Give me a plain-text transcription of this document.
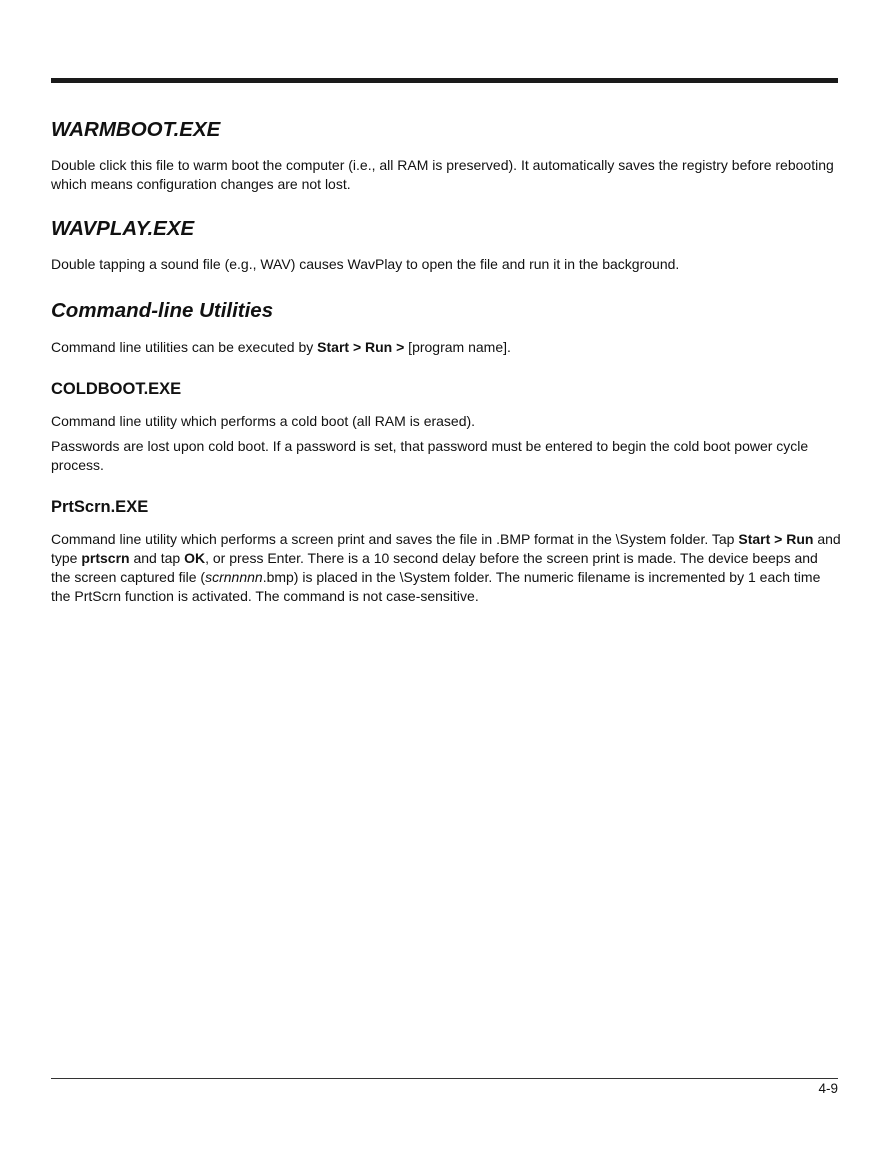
WARMBOOT.EXE

Double click this file to warm boot the computer (i.e., all RAM is preserved). It automatically saves the registry before rebooting which means configuration changes are not lost.

WAVPLAY.EXE

Double tapping a sound file (e.g., WAV) causes WavPlay to open the file and run it in the background.

Command-line Utilities

Command line utilities can be executed by Start > Run > [program name].

COLDBOOT.EXE

Command line utility which performs a cold boot (all RAM is erased).

Passwords are lost upon cold boot. If a password is set, that password must be entered to begin the cold boot power cycle process.

PrtScrn.EXE

Command line utility which performs a screen print and saves the file in .BMP format in the \System folder. Tap Start > Run and type prtscrn and tap OK, or press Enter. There is a 10 second delay before the screen print is made. The device beeps and the screen captured file (scrnnnnn.bmp) is placed in the \System folder. The numeric filename is incremented by 1 each time the PrtScrn function is activated. The command is not case-sensitive.

4-9
